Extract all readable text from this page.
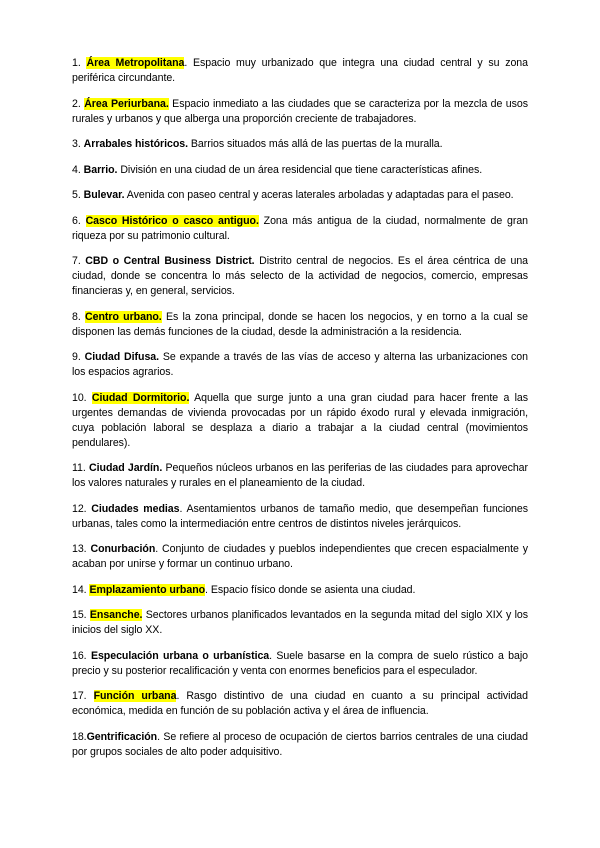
1. Área Metropolitana. Espacio muy urbanizado que integra una ciudad central y su zona periférica circundante.

2. Área Periurbana. Espacio inmediato a las ciudades que se caracteriza por la mezcla de usos rurales y urbanos y que alberga una proporción creciente de trabajadores.

3. Arrabales históricos. Barrios situados más allá de las puertas de la muralla.

4. Barrio. División en una ciudad de un área residencial que tiene características afines.

5. Bulevar. Avenida con paseo central y aceras laterales arboladas y adaptadas para el paseo.

6. Casco Histórico o casco antiguo. Zona más antigua de la ciudad, normalmente de gran riqueza por su patrimonio cultural.

7. CBD o Central Business District. Distrito central de negocios. Es el área céntrica de una ciudad, donde se concentra lo más selecto de la actividad de negocios, comercio, empresas financieras y, en general, servicios.

8. Centro urbano. Es la zona principal, donde se hacen los negocios, y en torno a la cual se disponen las demás funciones de la ciudad, desde la administración a la residencia.

9. Ciudad Difusa. Se expande a través de las vías de acceso y alterna las urbanizaciones con los espacios agrarios.

10. Ciudad Dormitorio. Aquella que surge junto a una gran ciudad para hacer frente a las urgentes demandas de vivienda provocadas por un rápido éxodo rural y elevada inmigración, cuya población laboral se desplaza a diario a trabajar a la ciudad central (movimientos pendulares).

11. Ciudad Jardín. Pequeños núcleos urbanos en las periferias de las ciudades para aprovechar los valores naturales y rurales en el planeamiento de la ciudad.

12. Ciudades medias. Asentamientos urbanos de tamaño medio, que desempeñan funciones urbanas, tales como la intermediación entre centros de distintos niveles jerárquicos.

13. Conurbación. Conjunto de ciudades y pueblos independientes que crecen espacialmente y acaban por unirse y formar un continuo urbano.

14. Emplazamiento urbano. Espacio físico donde se asienta una ciudad.

15. Ensanche. Sectores urbanos planificados levantados en la segunda mitad del siglo XIX y los inicios del siglo XX.

16. Especulación urbana o urbanística. Suele basarse en la compra de suelo rústico a bajo precio y su posterior recalificación y venta con enormes beneficios para el especulador.

17. Función urbana. Rasgo distintivo de una ciudad en cuanto a su principal actividad económica, medida en función de su población activa y el área de influencia.

18.Gentrificación. Se refiere al proceso de ocupación de ciertos barrios centrales de una ciudad por grupos sociales de alto poder adquisitivo.
